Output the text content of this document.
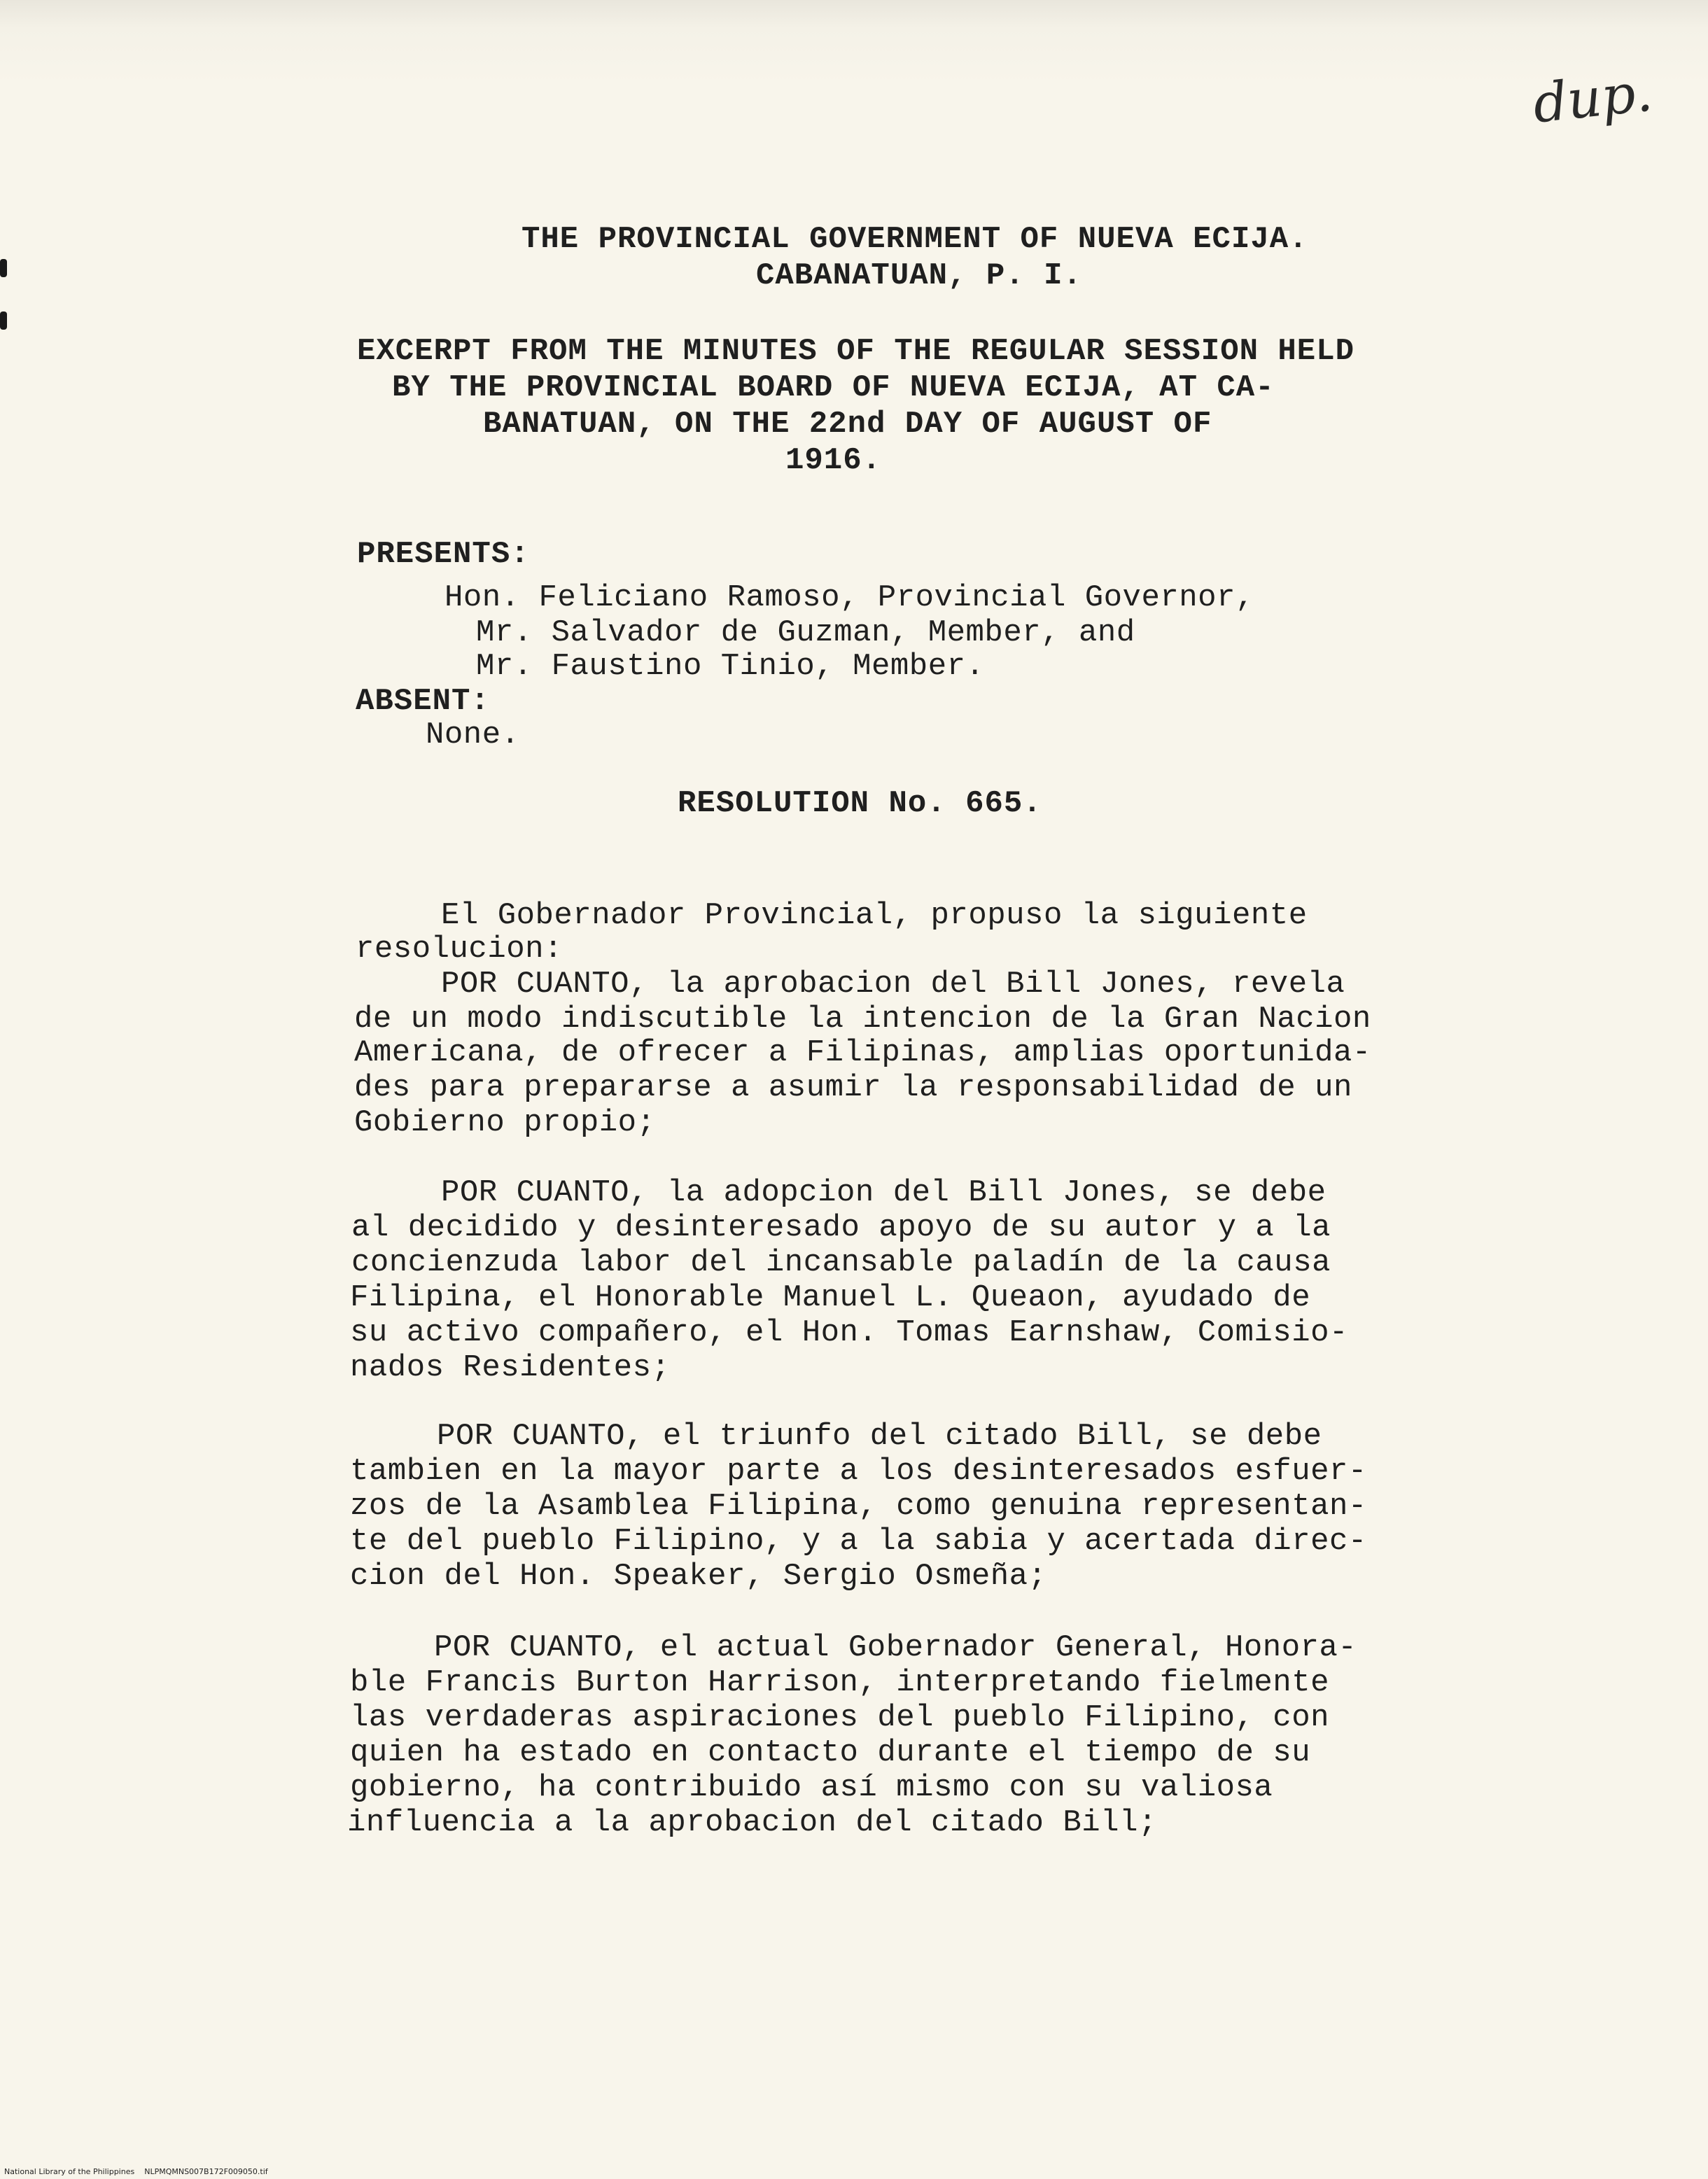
dup.

THE PROVINCIAL GOVERNMENT OF NUEVA ECIJA.

CABANATUAN, P. I.

EXCERPT FROM THE MINUTES OF THE REGULAR SESSION HELD

BY THE PROVINCIAL BOARD OF NUEVA ECIJA, AT CA-

BANATUAN, ON THE 22nd DAY OF AUGUST OF

1916.

PRESENTS:

Hon. Feliciano Ramoso, Provincial Governor,

Mr. Salvador de Guzman, Member, and

Mr. Faustino Tinio, Member.

ABSENT:

None.

RESOLUTION No. 665.

El Gobernador Provincial, propuso la siguiente

resolucion:

POR CUANTO, la aprobacion del Bill Jones, revela

de un modo indiscutible la intencion de la Gran Nacion

Americana, de ofrecer a Filipinas, amplias oportunida-

des para prepararse a asumir la responsabilidad de un

Gobierno propio;

POR CUANTO, la adopcion del Bill Jones, se debe

al decidido y desinteresado apoyo de su autor y a la

concienzuda labor del incansable paladín de la causa

Filipina, el Honorable Manuel L. Queaon, ayudado de

su activo compañero, el Hon. Tomas Earnshaw, Comisio-

nados Residentes;

POR CUANTO, el triunfo del citado Bill, se debe

tambien en la mayor parte a los desinteresados esfuer-

zos de la Asamblea Filipina, como genuina representan-

te del pueblo Filipino, y a la sabia y acertada direc-

cion del Hon. Speaker, Sergio Osmeña;

POR CUANTO, el actual Gobernador General, Honora-

ble Francis Burton Harrison, interpretando fielmente

las verdaderas aspiraciones del pueblo Filipino, con

quien ha estado en contacto durante el tiempo de su

gobierno, ha contribuido así mismo con su valiosa

influencia a la aprobacion del citado Bill;

National Library of the Philippines NLPMQMNS007B172F009050.tif
